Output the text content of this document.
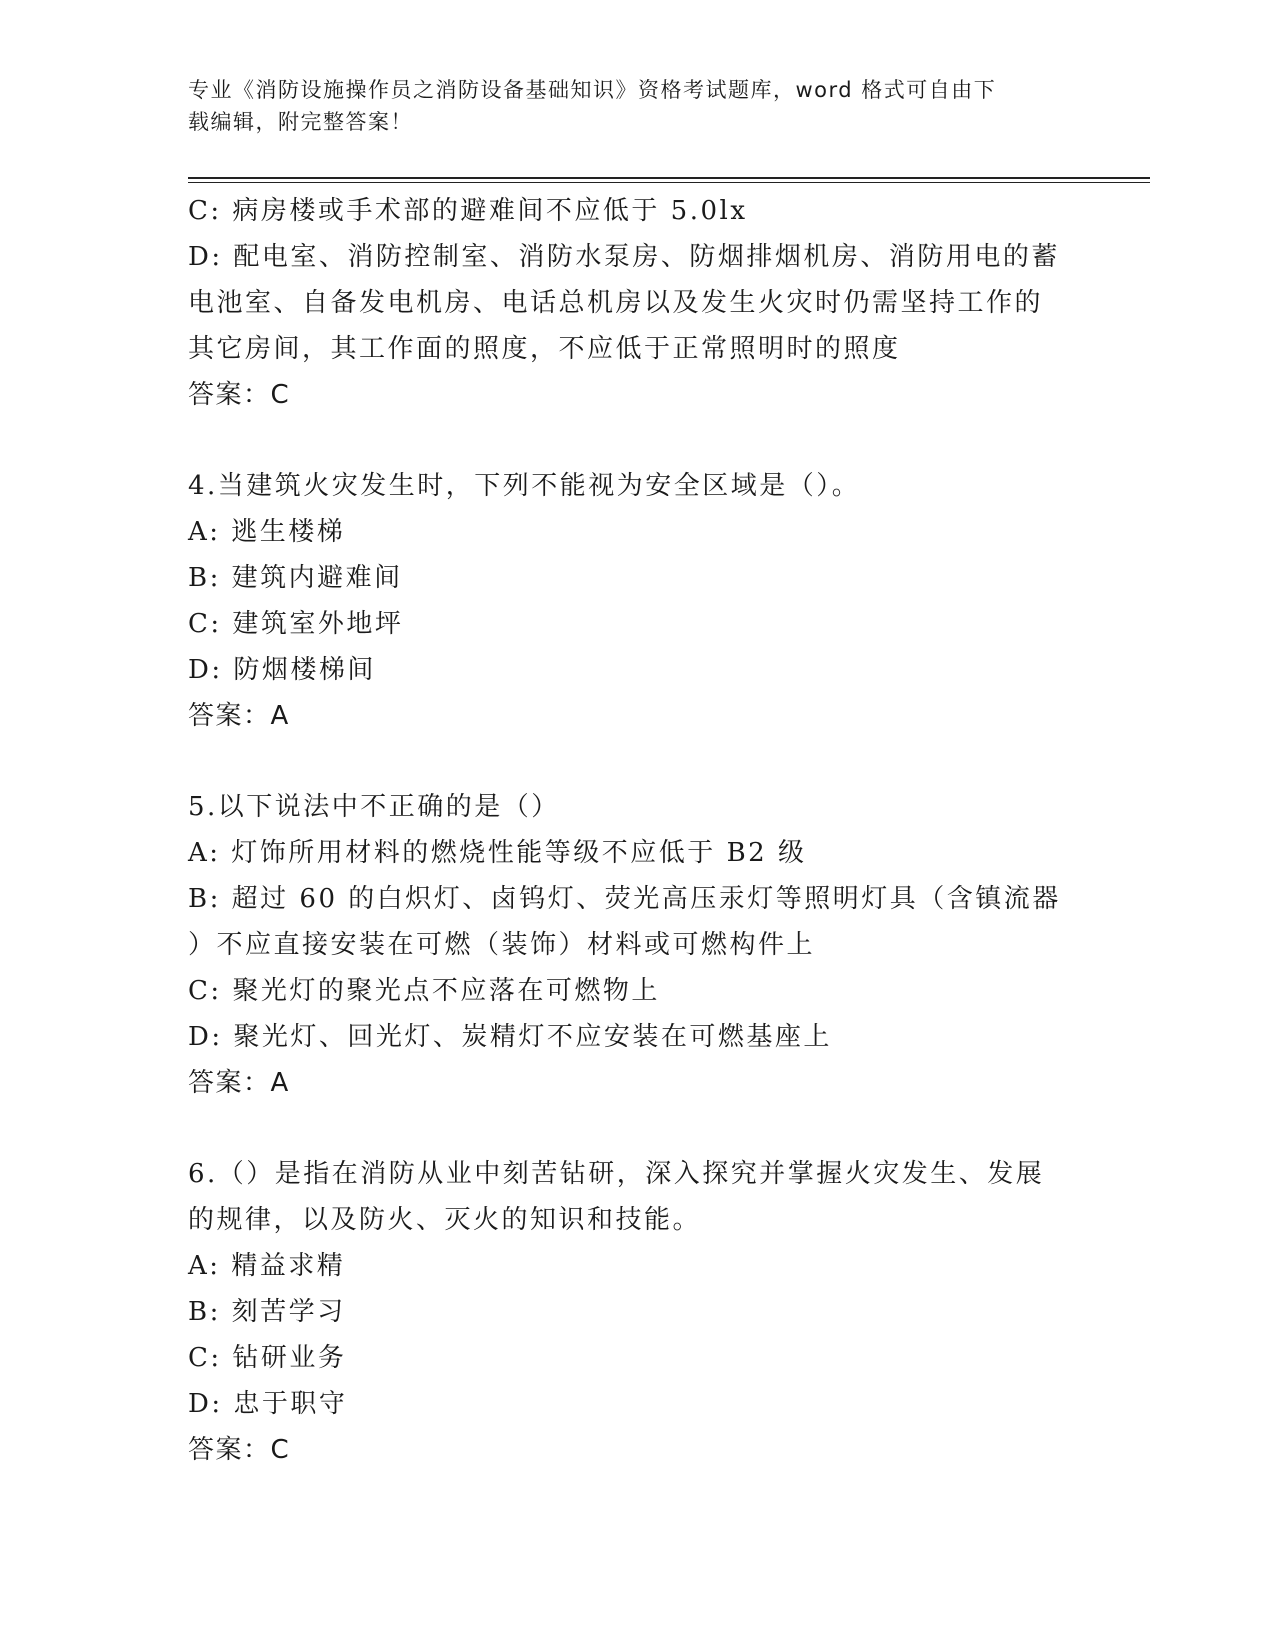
专业《消防设施操作员之消防设备基础知识》资格考试题库，word 格式可自由下
载编辑，附完整答案！
C: 病房楼或手术部的避难间不应低于 5.0lx
D: 配电室、消防控制室、消防水泵房、防烟排烟机房、消防用电的蓄
电池室、自备发电机房、电话总机房以及发生火灾时仍需坚持工作的
其它房间，其工作面的照度，不应低于正常照明时的照度
答案：C
4.当建筑火灾发生时，下列不能视为安全区域是（）。
A: 逃生楼梯
B: 建筑内避难间
C: 建筑室外地坪
D: 防烟楼梯间
答案：A
5.以下说法中不正确的是（）
A: 灯饰所用材料的燃烧性能等级不应低于 B2 级
B: 超过 60 的白炽灯、卤钨灯、荧光高压汞灯等照明灯具（含镇流器
）不应直接安装在可燃（装饰）材料或可燃构件上
C: 聚光灯的聚光点不应落在可燃物上
D: 聚光灯、回光灯、炭精灯不应安装在可燃基座上
答案：A
6.（）是指在消防从业中刻苦钻研，深入探究并掌握火灾发生、发展
的规律，以及防火、灭火的知识和技能。
A: 精益求精
B: 刻苦学习
C: 钻研业务
D: 忠于职守
答案：C
